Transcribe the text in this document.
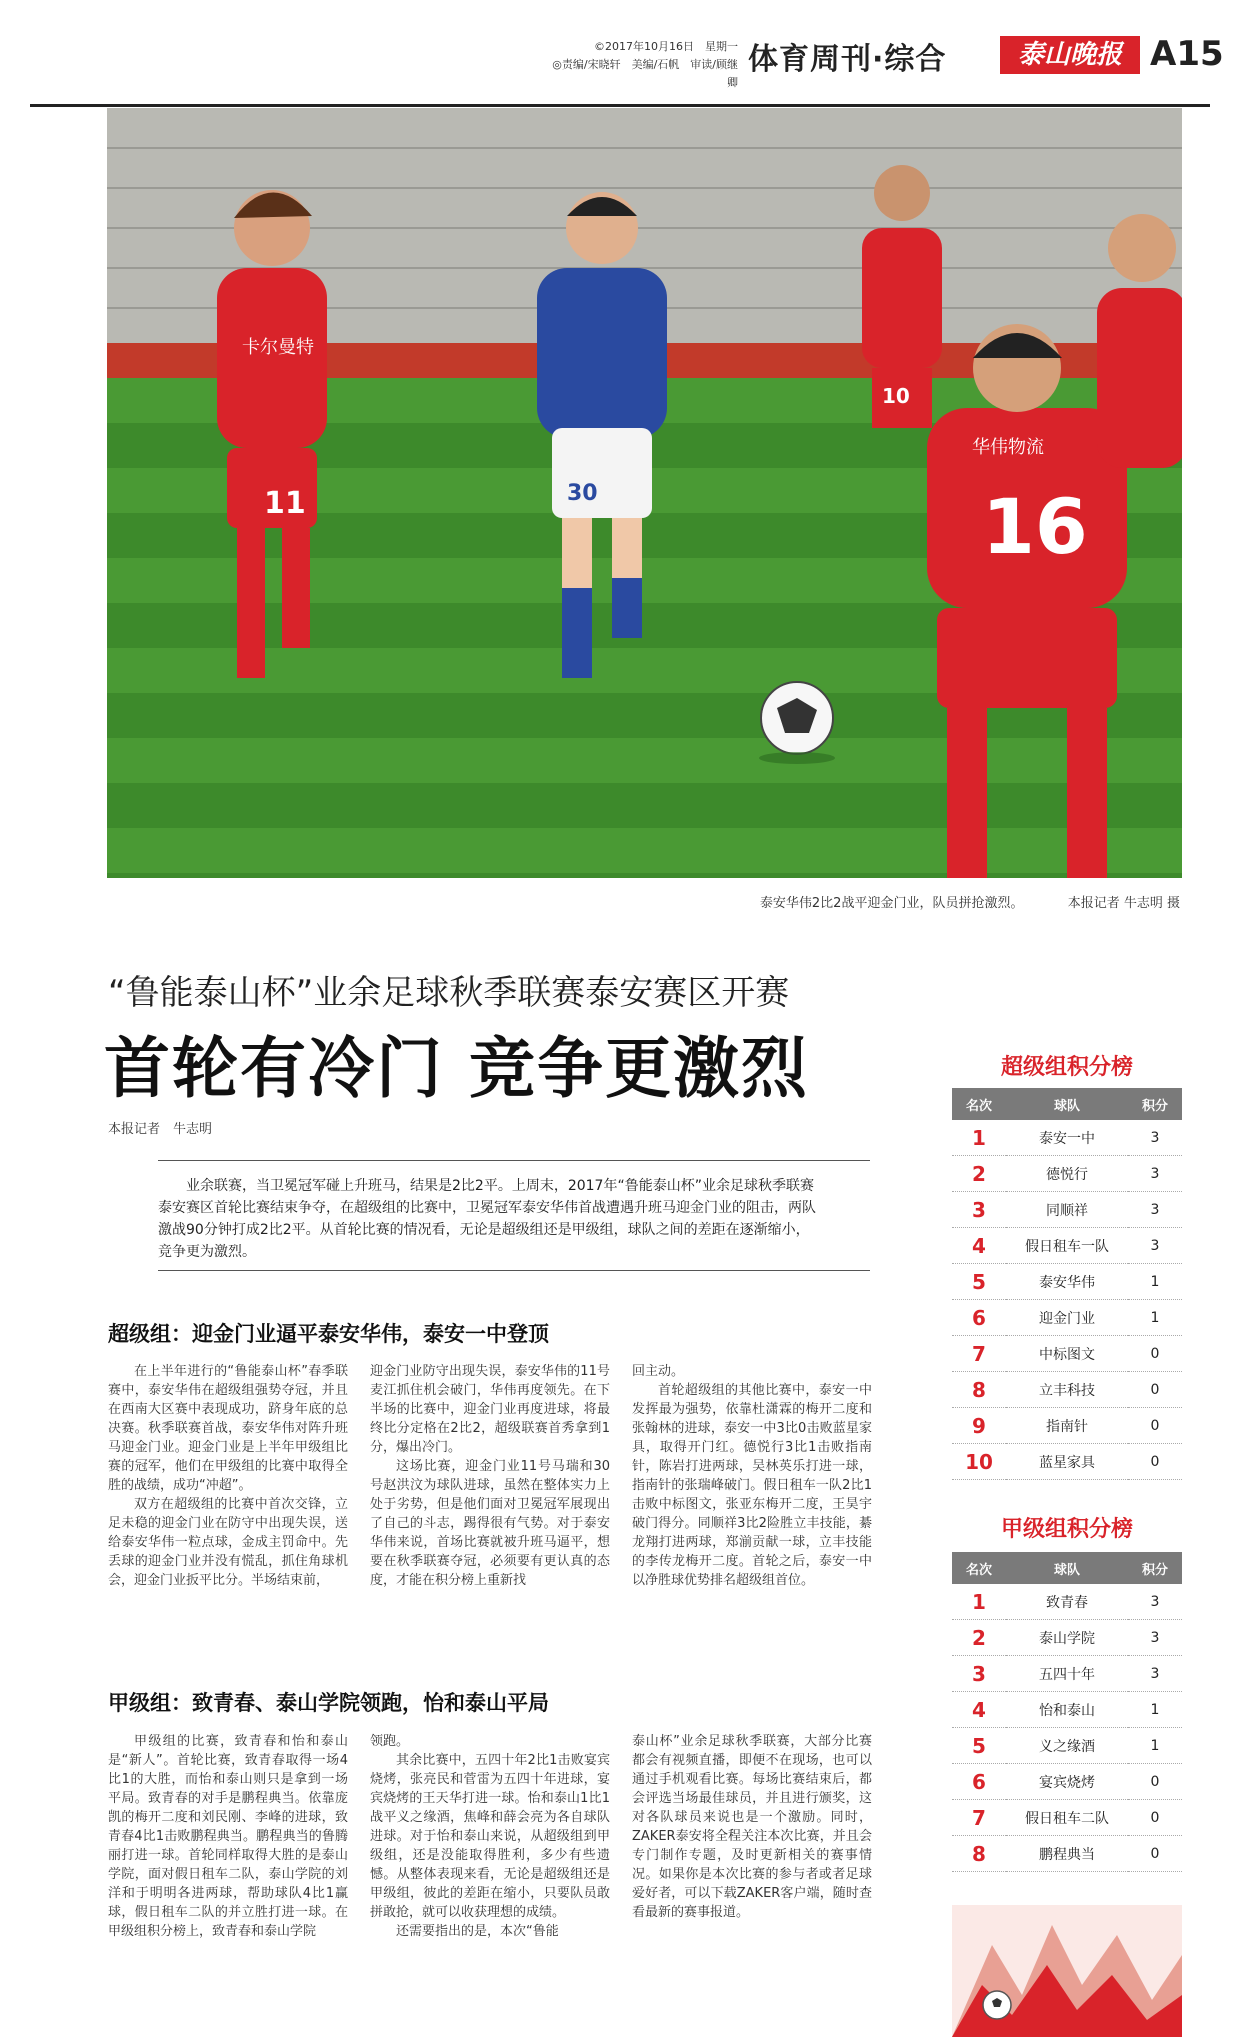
©2017年10月16日　星期一
◎责编/宋晓轩　美编/石帆　审读/顾继卿
体育周刊·综合	泰山晚报 A15
11
卡尔曼特
30
10
16
华伟物流
泰安华伟2比2战平迎金门业，队员拼抢激烈。	本报记者 牛志明 摄
“鲁能泰山杯”业余足球秋季联赛泰安赛区开赛
首轮有冷门 竞争更激烈
本报记者　牛志明
业余联赛，当卫冕冠军碰上升班马，结果是2比2平。上周末，2017年“鲁能泰山杯”业余足球秋季联赛泰安赛区首轮比赛结束争夺，在超级组的比赛中，卫冕冠军泰安华伟首战遭遇升班马迎金门业的阻击，两队激战90分钟打成2比2平。从首轮比赛的情况看，无论是超级组还是甲级组，球队之间的差距在逐渐缩小，竞争更为激烈。
超级组：迎金门业逼平泰安华伟，泰安一中登顶

在上半年进行的“鲁能泰山杯”春季联赛中，泰安华伟在超级组强势夺冠，并且在西南大区赛中表现成功，跻身年底的总决赛。秋季联赛首战，泰安华伟对阵升班马迎金门业。迎金门业是上半年甲级组比赛的冠军，他们在甲级组的比赛中取得全胜的战绩，成功“冲超”。

双方在超级组的比赛中首次交锋，立足未稳的迎金门业在防守中出现失误，送给泰安华伟一粒点球，金成主罚命中。先丢球的迎金门业并没有慌乱，抓住角球机会，迎金门业扳平比分。半场结束前，

迎金门业防守出现失误，泰安华伟的11号麦江抓住机会破门，华伟再度领先。在下半场的比赛中，迎金门业再度进球，将最终比分定格在2比2，超级联赛首秀拿到1分，爆出冷门。

这场比赛，迎金门业11号马瑞和30号赵洪汶为球队进球，虽然在整体实力上处于劣势，但是他们面对卫冕冠军展现出了自己的斗志，踢得很有气势。对于泰安华伟来说，首场比赛就被升班马逼平，想要在秋季联赛夺冠，必须要有更认真的态度，才能在积分榜上重新找

回主动。

首轮超级组的其他比赛中，泰安一中发挥最为强势，依靠杜潇霖的梅开二度和张翰林的进球，泰安一中3比0击败蓝星家具，取得开门红。德悦行3比1击败指南针，陈岩打进两球，吴林英乐打进一球，指南针的张瑞峰破门。假日租车一队2比1击败中标图文，张亚东梅开二度，王昊宇破门得分。同顺祥3比2险胜立丰技能，綦龙翔打进两球，郑湔贡献一球，立丰技能的李传龙梅开二度。首轮之后，泰安一中以净胜球优势排名超级组首位。

甲级组：致青春、泰山学院领跑，怡和泰山平局

甲级组的比赛，致青春和怡和泰山是“新人”。首轮比赛，致青春取得一场4比1的大胜，而怡和泰山则只是拿到一场平局。致青春的对手是鹏程典当。依靠庞凯的梅开二度和刘民刚、李峰的进球，致青春4比1击败鹏程典当。鹏程典当的鲁腾丽打进一球。首轮同样取得大胜的是泰山学院，面对假日租车二队，泰山学院的刘洋和于明明各进两球，帮助球队4比1赢球，假日租车二队的并立胜打进一球。在甲级组积分榜上，致青春和泰山学院

领跑。

其余比赛中，五四十年2比1击败宴宾烧烤，张亮民和菅雷为五四十年进球，宴宾烧烤的王天华打进一球。怡和泰山1比1战平义之缘酒，焦峰和薛会亮为各自球队进球。对于怡和泰山来说，从超级组到甲级组，还是没能取得胜利，多少有些遗憾。从整体表现来看，无论是超级组还是甲级组，彼此的差距在缩小，只要队员敢拼敢抢，就可以收获理想的成绩。

还需要指出的是，本次“鲁能

泰山杯”业余足球秋季联赛，大部分比赛都会有视频直播，即便不在现场，也可以通过手机观看比赛。每场比赛结束后，都会评选当场最佳球员，并且进行颁奖，这对各队球员来说也是一个激励。同时，ZAKER泰安将全程关注本次比赛，并且会专门制作专题，及时更新相关的赛事情况。如果你是本次比赛的参与者或者足球爱好者，可以下载ZAKER客户端，随时查看最新的赛事报道。

超级组积分榜
名次	球队	积分
1	泰安一中	3
2	德悦行	3
3	同顺祥	3
4	假日租车一队	3
5	泰安华伟	1
6	迎金门业	1
7	中标图文	0
8	立丰科技	0
9	指南针	0
10	蓝星家具	0
甲级组积分榜
名次	球队	积分
1	致青春	3
2	泰山学院	3
3	五四十年	3
4	怡和泰山	1
5	义之缘酒	1
6	宴宾烧烤	0
7	假日租车二队	0
8	鹏程典当	0
